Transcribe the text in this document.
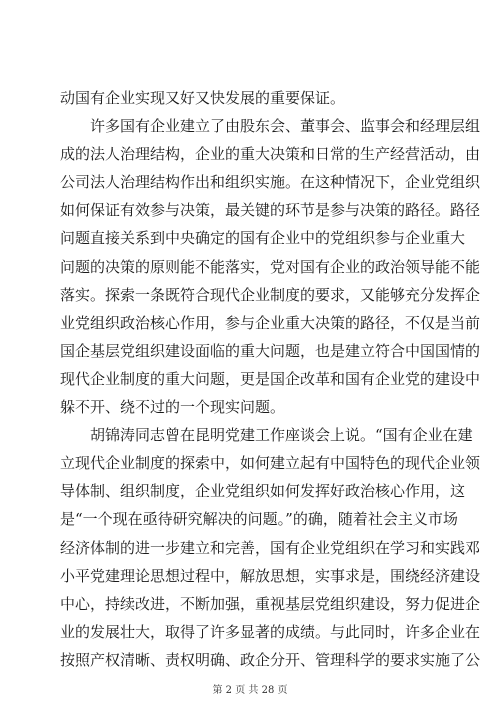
动国有企业实现又好又快发展的重要保证。
许多国有企业建立了由股东会、董事会、监事会和经理层组
成的法人治理结构，企业的重大决策和日常的生产经营活动，由
公司法人治理结构作出和组织实施。在这种情况下，企业党组织
如何保证有效参与决策，最关键的环节是参与决策的路径。路径
问题直接关系到中央确定的国有企业中的党组织参与企业重大
问题的决策的原则能不能落实，党对国有企业的政治领导能不能
落实。探索一条既符合现代企业制度的要求，又能够充分发挥企
业党组织政治核心作用，参与企业重大决策的路径，不仅是当前
国企基层党组织建设面临的重大问题，也是建立符合中国国情的
现代企业制度的重大问题，更是国企改革和国有企业党的建设中
躲不开、绕不过的一个现实问题。
胡锦涛同志曾在昆明党建工作座谈会上说。“国有企业在建
立现代企业制度的探索中，如何建立起有中国特色的现代企业领
导体制、组织制度，企业党组织如何发挥好政治核心作用，这
是“一个现在亟待研究解决的问题。”的确，随着社会主义市场
经济体制的进一步建立和完善，国有企业党组织在学习和实践邓
小平党建理论思想过程中，解放思想，实事求是，围绕经济建设
中心，持续改进，不断加强，重视基层党组织建设，努力促进企
业的发展壮大，取得了许多显著的成绩。与此同时，许多企业在
按照产权清晰、责权明确、政企分开、管理科学的要求实施了公
第 2 页 共 28 页
